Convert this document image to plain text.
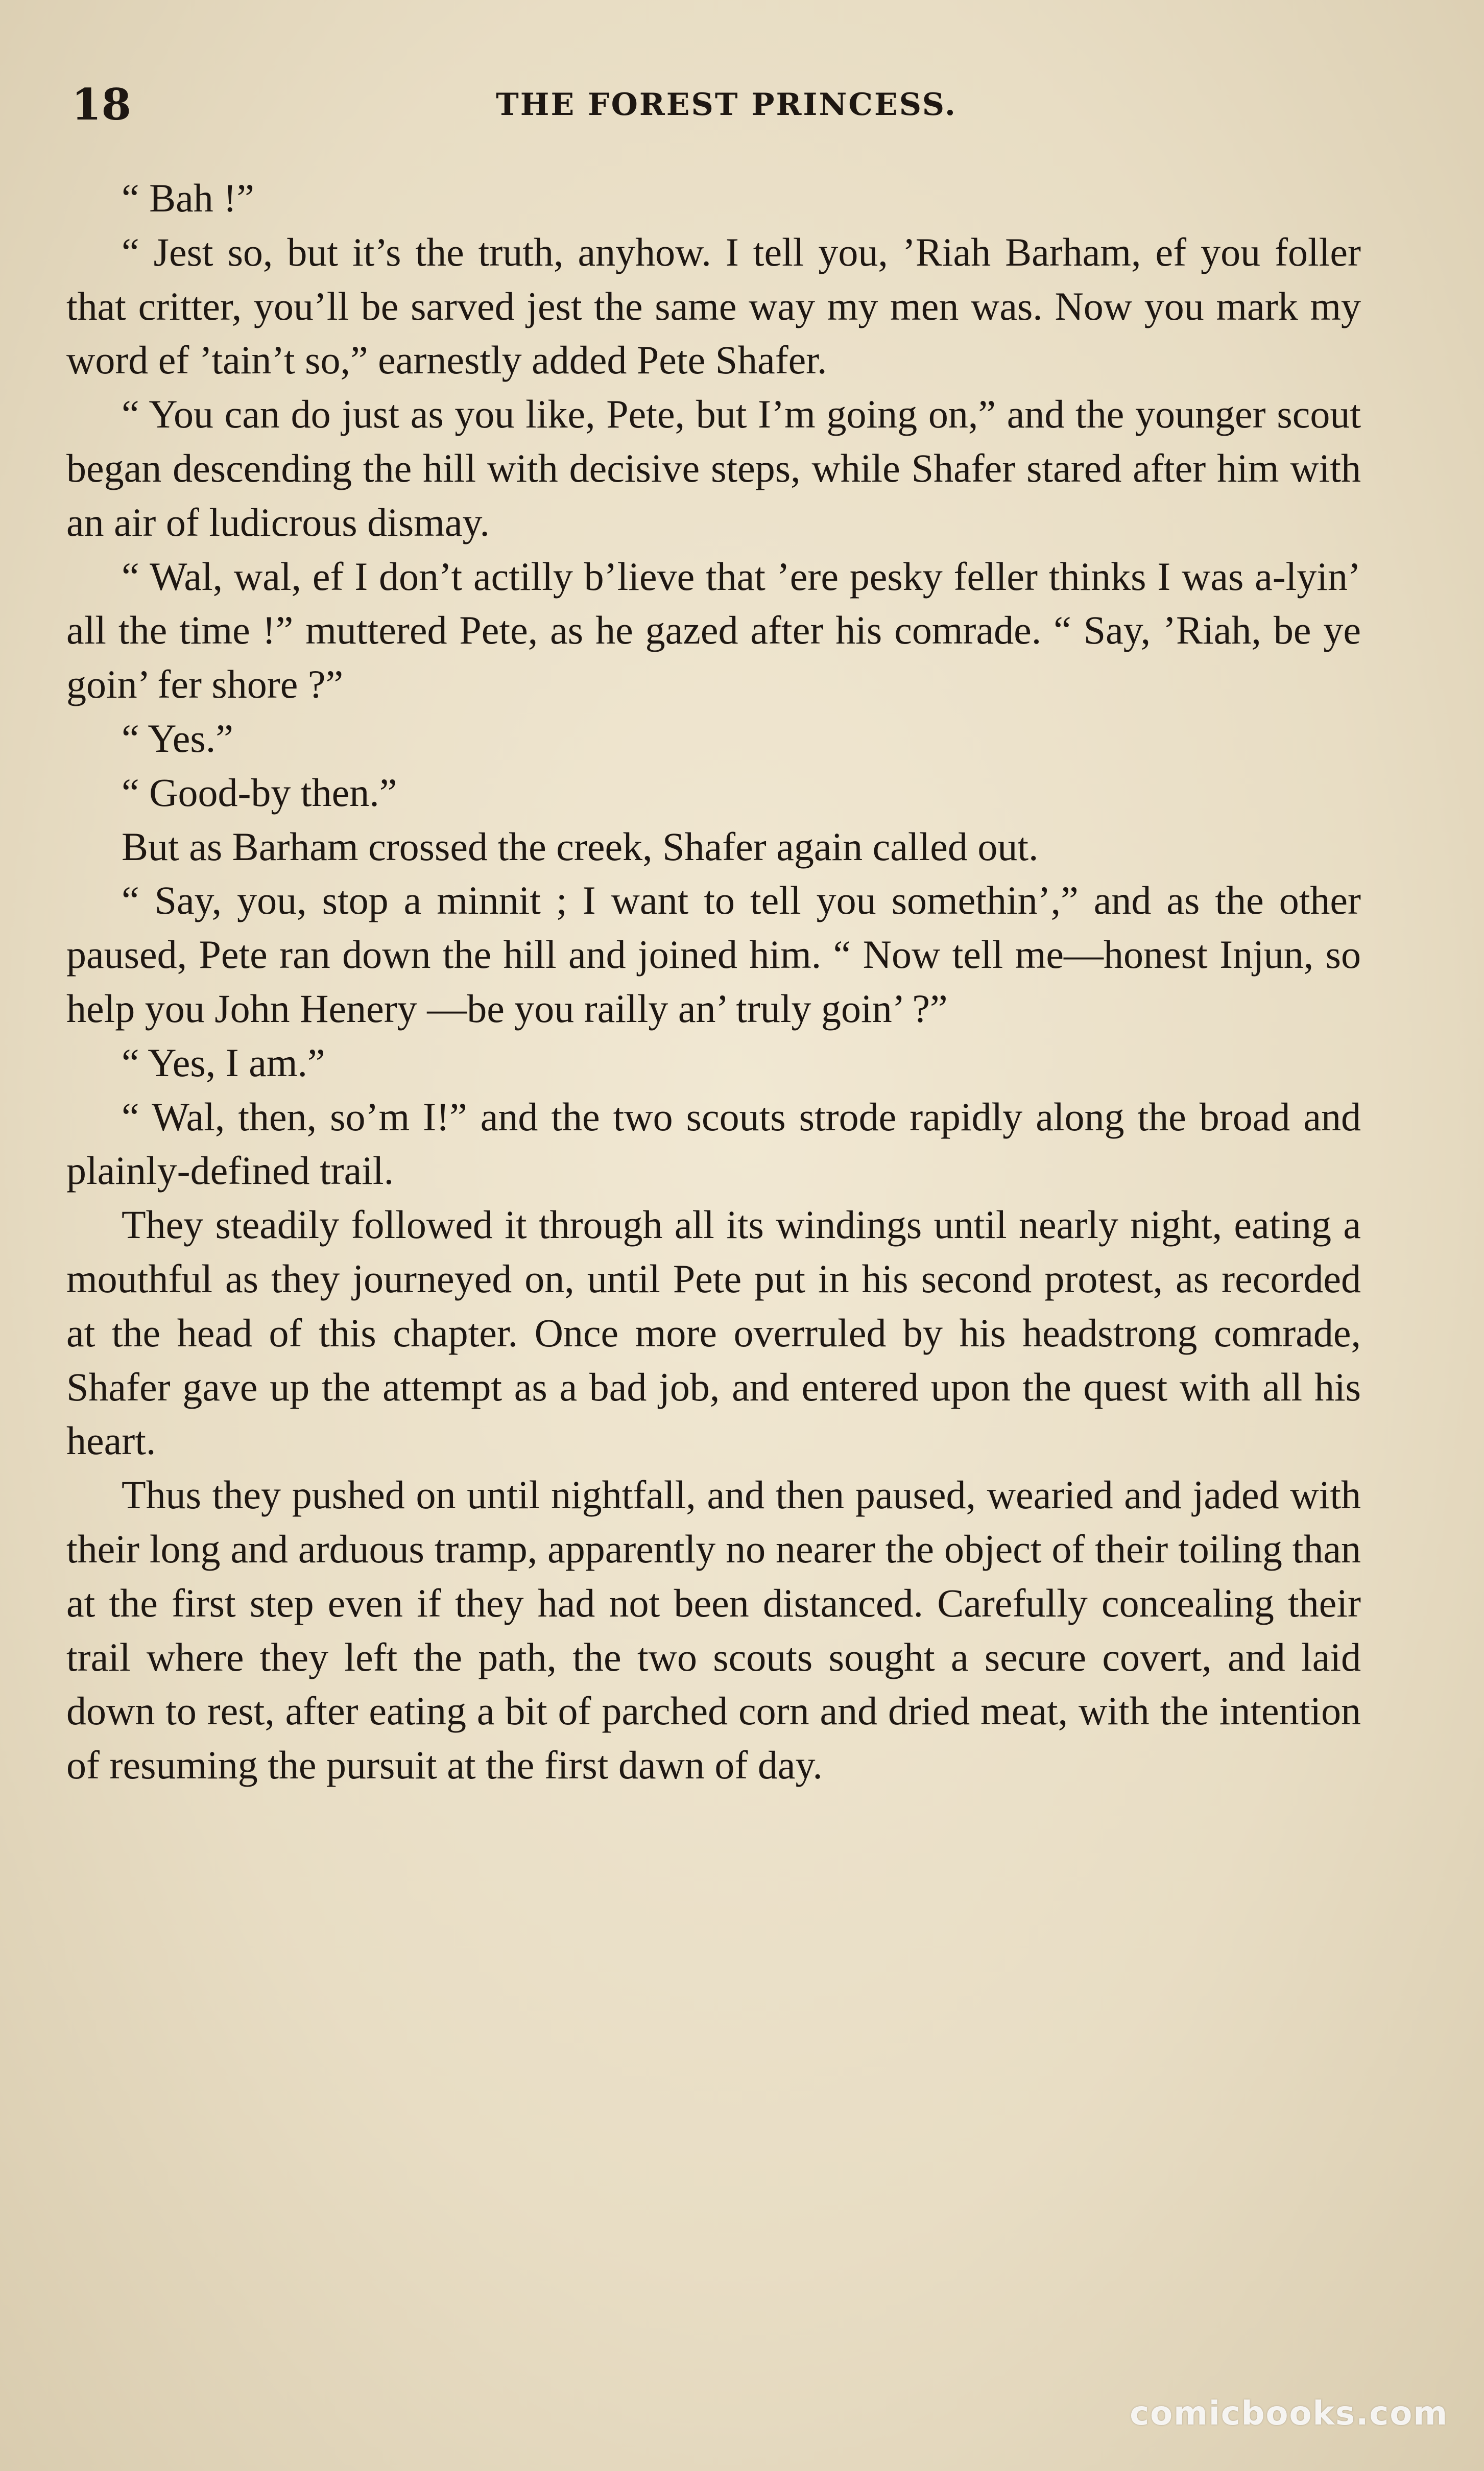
18	THE FOREST PRINCESS.

“ Bah !”

“ Jest so, but it’s the truth, anyhow. I tell you, ’Riah Barham, ef you foller that critter, you’ll be sarved jest the same way my men was. Now you mark my word ef ’tain’t so,” earnestly added Pete Shafer.

“ You can do just as you like, Pete, but I’m going on,” and the younger scout began descending the hill with decisive steps, while Shafer stared after him with an air of ludicrous dismay.

“ Wal, wal, ef I don’t actilly b’lieve that ’ere pesky feller thinks I was a-lyin’ all the time !” muttered Pete, as he gazed after his comrade. “ Say, ’Riah, be ye goin’ fer shore ?”

“ Yes.”

“ Good-by then.”

But as Barham crossed the creek, Shafer again called out.

“ Say, you, stop a minnit ; I want to tell you somethin’,” and as the other paused, Pete ran down the hill and joined him. “ Now tell me—honest Injun, so help you John Henery —be you railly an’ truly goin’ ?”

“ Yes, I am.”

“ Wal, then, so’m I!” and the two scouts strode rapidly along the broad and plainly-defined trail.

They steadily followed it through all its windings until nearly night, eating a mouthful as they journeyed on, until Pete put in his second protest, as recorded at the head of this chapter. Once more overruled by his headstrong comrade, Shafer gave up the attempt as a bad job, and entered upon the quest with all his heart.

Thus they pushed on until nightfall, and then paused, wearied and jaded with their long and arduous tramp, apparently no nearer the object of their toiling than at the first step even if they had not been distanced. Carefully concealing their trail where they left the path, the two scouts sought a secure covert, and laid down to rest, after eating a bit of parched corn and dried meat, with the intention of resuming the pursuit at the first dawn of day.

comicbooks.com
